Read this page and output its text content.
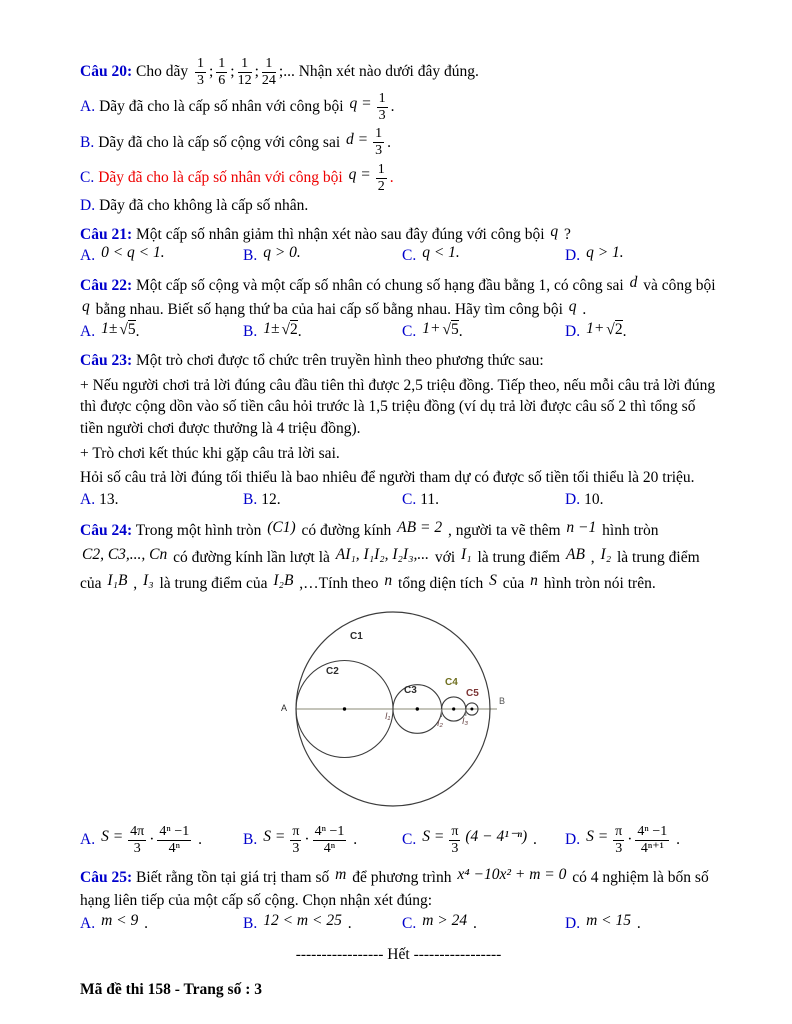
Câu 20: Cho dãy $\frac{1}{3}$ ; $\frac{1}{6}$ ; $\frac{1}{12}$ ; $\frac{1}{24}$ ;... Nhận xét nào dưới đây đúng.

A. Dãy đã cho là cấp số nhân với công bội $q = \frac{1}{3}$ .
B. Dãy đã cho là cấp số cộng với công sai $d = \frac{1}{3}$ .
C. Dãy đã cho là cấp số nhân với công bội $q = \frac{1}{2}$ .
D. Dãy đã cho không là cấp số nhân.

Câu 21: Một cấp số nhân giảm thì nhận xét nào sau đây đúng với công bội q ?

A. 0 < q < 1.	B. q > 0.	C. q < 1.	D. q > 1.

Câu 22: Một cấp số cộng và một cấp số nhân có chung số hạng đầu bằng 1, có công sai d và công bội q bằng nhau. Biết số hạng thứ ba của hai cấp số bằng nhau. Hãy tìm công bội q .

A. 1± √5.	B. 1± √2.	C. 1+ √5.	D. 1+ √2.

Câu 23: Một trò chơi được tổ chức trên truyền hình theo phương thức sau:

+ Nếu người chơi trả lời đúng câu đầu tiên thì được 2,5 triệu đồng. Tiếp theo, nếu mỗi câu trả lời đúng thì được cộng dồn vào số tiền câu hỏi trước là 1,5 triệu đồng (ví dụ trả lời được câu số 2 thì tổng số tiền người chơi được thưởng là 4 triệu đồng).

+ Trò chơi kết thúc khi gặp câu trả lời sai.

Hỏi số câu trả lời đúng tối thiểu là bao nhiêu để người tham dự có được số tiền tối thiểu là 20 triệu.

A. 13.	B. 12.	C. 11.	D. 10.

Câu 24: Trong một hình tròn (C1) có đường kính AB = 2 , người ta vẽ thêm n −1 hình tròn C2, C3,..., Cn có đường kính lần lượt là AI₁, I₁I₂, I₂I₃,... với I₁ là trung điểm AB , I₂ là trung điểm của I₁B , I₃ là trung điểm của I₂B ,…Tính theo n tổng diện tích S của n hình tròn nói trên.

C1
C2
C3
C4
C5
A
B
I₁
I₂ I₃
A. $S = \frac{4\pi}{3} \cdot \frac{\text{4ⁿ −1}}{\text{4ⁿ}}$ .	B. $S = \frac{\pi}{3} \cdot \frac{\text{4ⁿ −1}}{\text{4ⁿ}}$ .	C. $S = \frac{\pi}{3} (4 - 4^{1-n})$ .	D. $S = \frac{\pi}{3} \cdot \frac{\text{4ⁿ −1}}{\text{4ⁿ⁺¹}}$ .

Câu 25: Biết rằng tồn tại giá trị tham số m để phương trình x⁴ −10x² + m = 0 có 4 nghiệm là bốn số hạng liên tiếp của một cấp số cộng. Chọn nhận xét đúng:

A. m < 9 .	B. 12 < m < 25 .	C. m > 24 .	D. m < 15 .

----------------- Hết -----------------

Mã đề thi 158 - Trang số : 3
